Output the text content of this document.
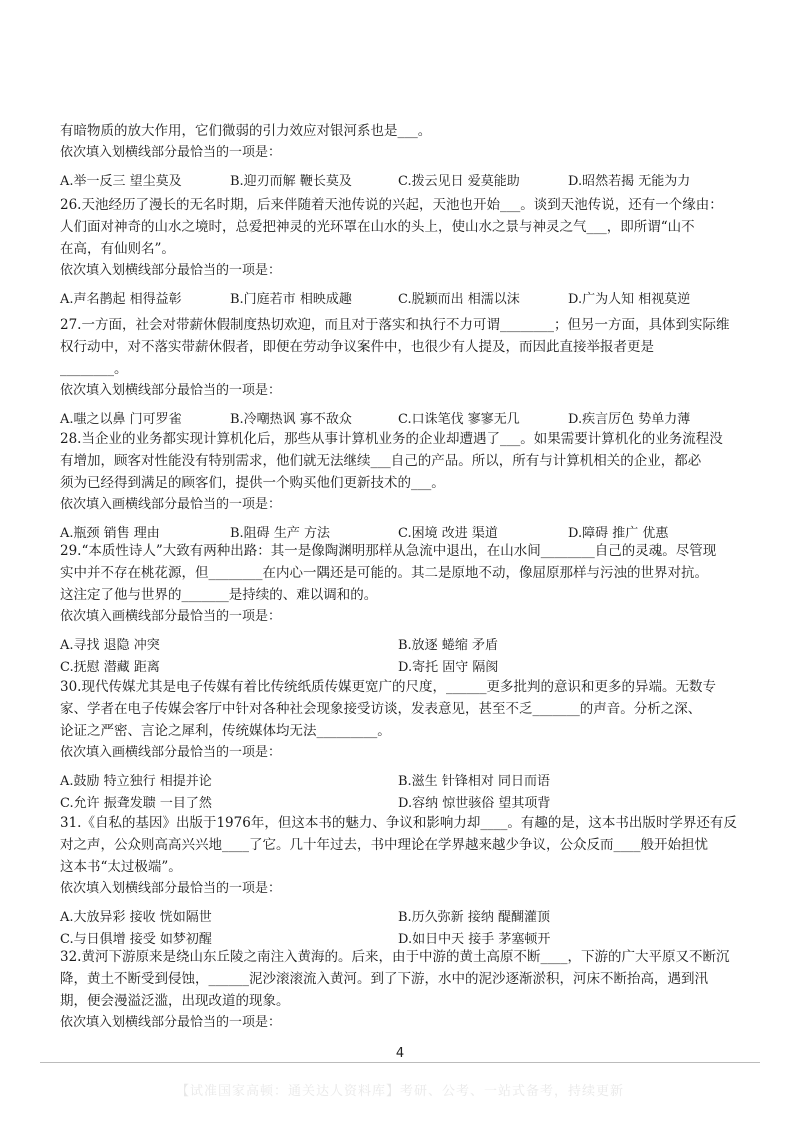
有暗物质的放大作用，它们微弱的引力效应对银河系也是___。
依次填入划横线部分最恰当的一项是：
A.举一反三 望尘莫及	B.迎刃而解 鞭长莫及	C.拨云见日 爱莫能助	D.昭然若揭 无能为力
26.天池经历了漫长的无名时期，后来伴随着天池传说的兴起，天池也开始___。谈到天池传说，还有一个缘由：
人们面对神奇的山水之境时，总爱把神灵的光环罩在山水的头上，使山水之景与神灵之气___，即所谓“山不
在高，有仙则名”。
依次填入划横线部分最恰当的一项是：
A.声名鹊起 相得益彰	B.门庭若市 相映成趣	C.脱颖而出 相濡以沫	D.广为人知 相视莫逆
27.一方面，社会对带薪休假制度热切欢迎，而且对于落实和执行不力可谓________；但另一方面，具体到实际维
权行动中，对不落实带薪休假者，即便在劳动争议案件中，也很少有人提及，而因此直接举报者更是
________。
依次填入划横线部分最恰当的一项是：
A.嗤之以鼻 门可罗雀	B.冷嘲热讽 寡不敌众	C.口诛笔伐 寥寥无几	D.疾言厉色 势单力薄
28.当企业的业务都实现计算机化后，那些从事计算机业务的企业却遭遇了___。如果需要计算机化的业务流程没
有增加，顾客对性能没有特别需求，他们就无法继续___自己的产品。所以，所有与计算机相关的企业，都必
须为已经得到满足的顾客们，提供一个购买他们更新技术的___。
依次填入画横线部分最恰当的一项是：
A.瓶颈 销售 理由	B.阻碍 生产 方法	C.困境 改进 渠道	D.障碍 推广 优惠
29.“本质性诗人”大致有两种出路：其一是像陶渊明那样从急流中退出，在山水间________自己的灵魂。尽管现
实中并不存在桃花源，但________在内心一隅还是可能的。其二是原地不动，像屈原那样与污浊的世界对抗。
这注定了他与世界的_______是持续的、难以调和的。
依次填入画横线部分最恰当的一项是：
A.寻找 退隐 冲突	B.放逐 蜷缩 矛盾
C.抚慰 潜藏 距离	D.寄托 固守 隔阂
30.现代传媒尤其是电子传媒有着比传统纸质传媒更宽广的尺度，______更多批判的意识和更多的异端。无数专
家、学者在电子传媒会客厅中针对各种社会现象接受访谈，发表意见，甚至不乏_______的声音。分析之深、
论证之严密、言论之犀利，传统媒体均无法_________。
依次填入画横线部分最恰当的一项是：
A.鼓励 特立独行 相提并论	B.滋生 针锋相对 同日而语
C.允许 振聋发聩 一目了然	D.容纳 惊世骇俗 望其项背
31.《自私的基因》出版于1976年，但这本书的魅力、争议和影响力却____。有趣的是，这本书出版时学界还有反
对之声，公众则高高兴兴地____了它。几十年过去，书中理论在学界越来越少争议，公众反而____般开始担忧
这本书“太过极端”。
依次填入划横线部分最恰当的一项是：
A.大放异彩 接收 恍如隔世	B.历久弥新 接纳 醍醐灌顶
C.与日俱增 接受 如梦初醒	D.如日中天 接手 茅塞顿开
32.黄河下游原来是绕山东丘陵之南注入黄海的。后来，由于中游的黄土高原不断____，下游的广大平原又不断沉
降，黄土不断受到侵蚀，______泥沙滚滚流入黄河。到了下游，水中的泥沙逐渐淤积，河床不断抬高，遇到汛
期，便会漫溢泛滥，出现改道的现象。
依次填入划横线部分最恰当的一项是：
4
【试准国家高顿：通关达人资料库】考研、公考、一站式备考，持续更新
